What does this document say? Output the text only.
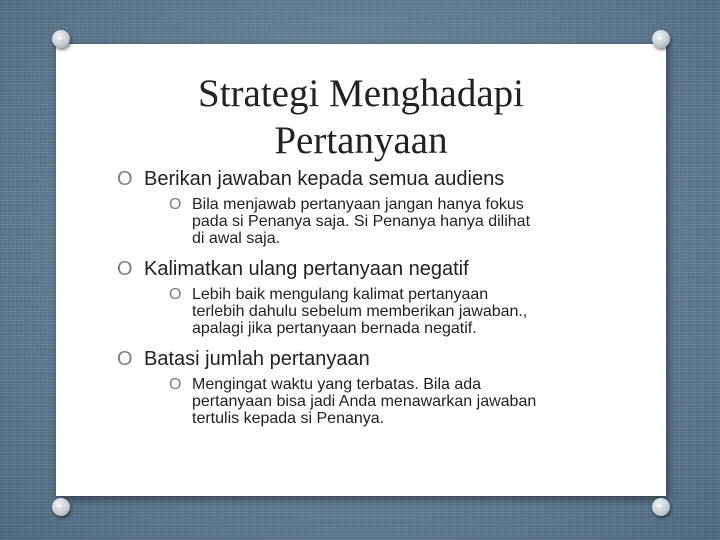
Strategi Menghadapi
Pertanyaan
O Berikan jawaban kepada semua audiens
O Bila menjawab pertanyaan jangan hanya fokus pada si Penanya saja. Si Penanya hanya dilihat di awal saja.
O Kalimatkan ulang pertanyaan negatif
O Lebih baik mengulang kalimat pertanyaan terlebih dahulu sebelum memberikan jawaban., apalagi jika pertanyaan bernada negatif.
O Batasi jumlah pertanyaan
O Mengingat waktu yang terbatas. Bila ada pertanyaan bisa jadi Anda menawarkan jawaban tertulis kepada si Penanya.
